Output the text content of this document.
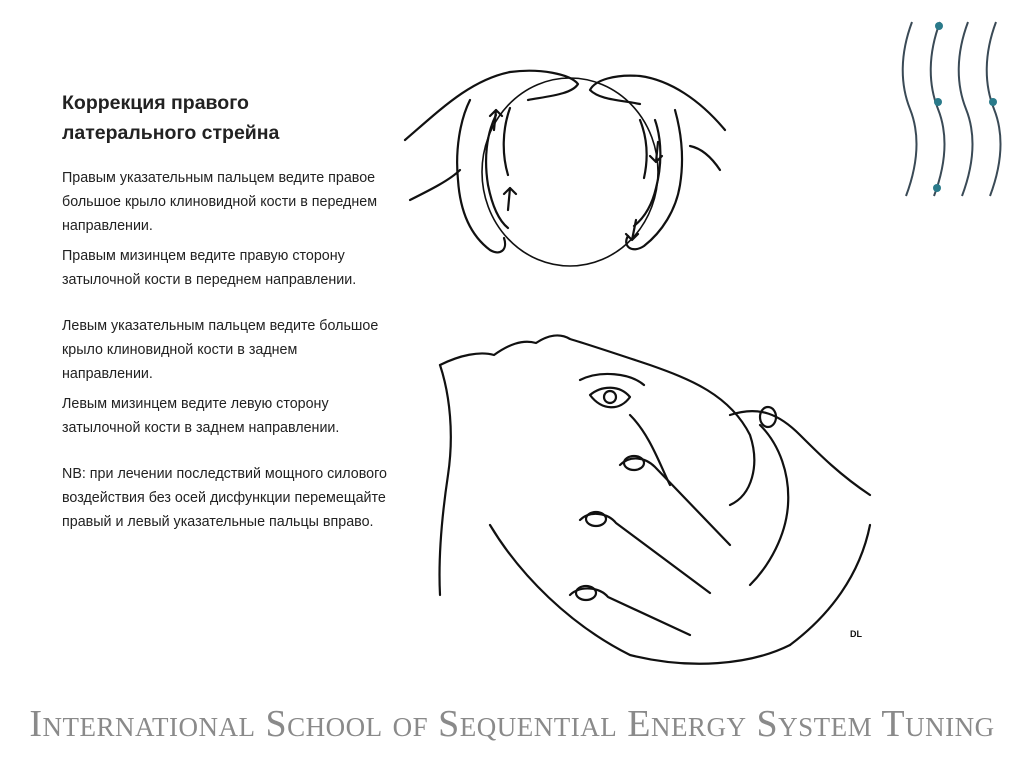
Коррекция правого
латерального стрейна

Правым указательным пальцем ведите правое большое крыло клиновидной кости в переднем направлении.

Правым мизинцем ведите правую сторону затылочной кости в переднем направлении.

Левым указательным пальцем ведите большое крыло клиновидной кости в заднем направлении.

Левым мизинцем ведите левую сторону затылочной кости в заднем направлении.

NB: при лечении последствий мощного силового воздействия без осей дисфункции перемещайте правый и левый указательные пальцы вправо.

DL
International School of Sequential Energy System Tuning
